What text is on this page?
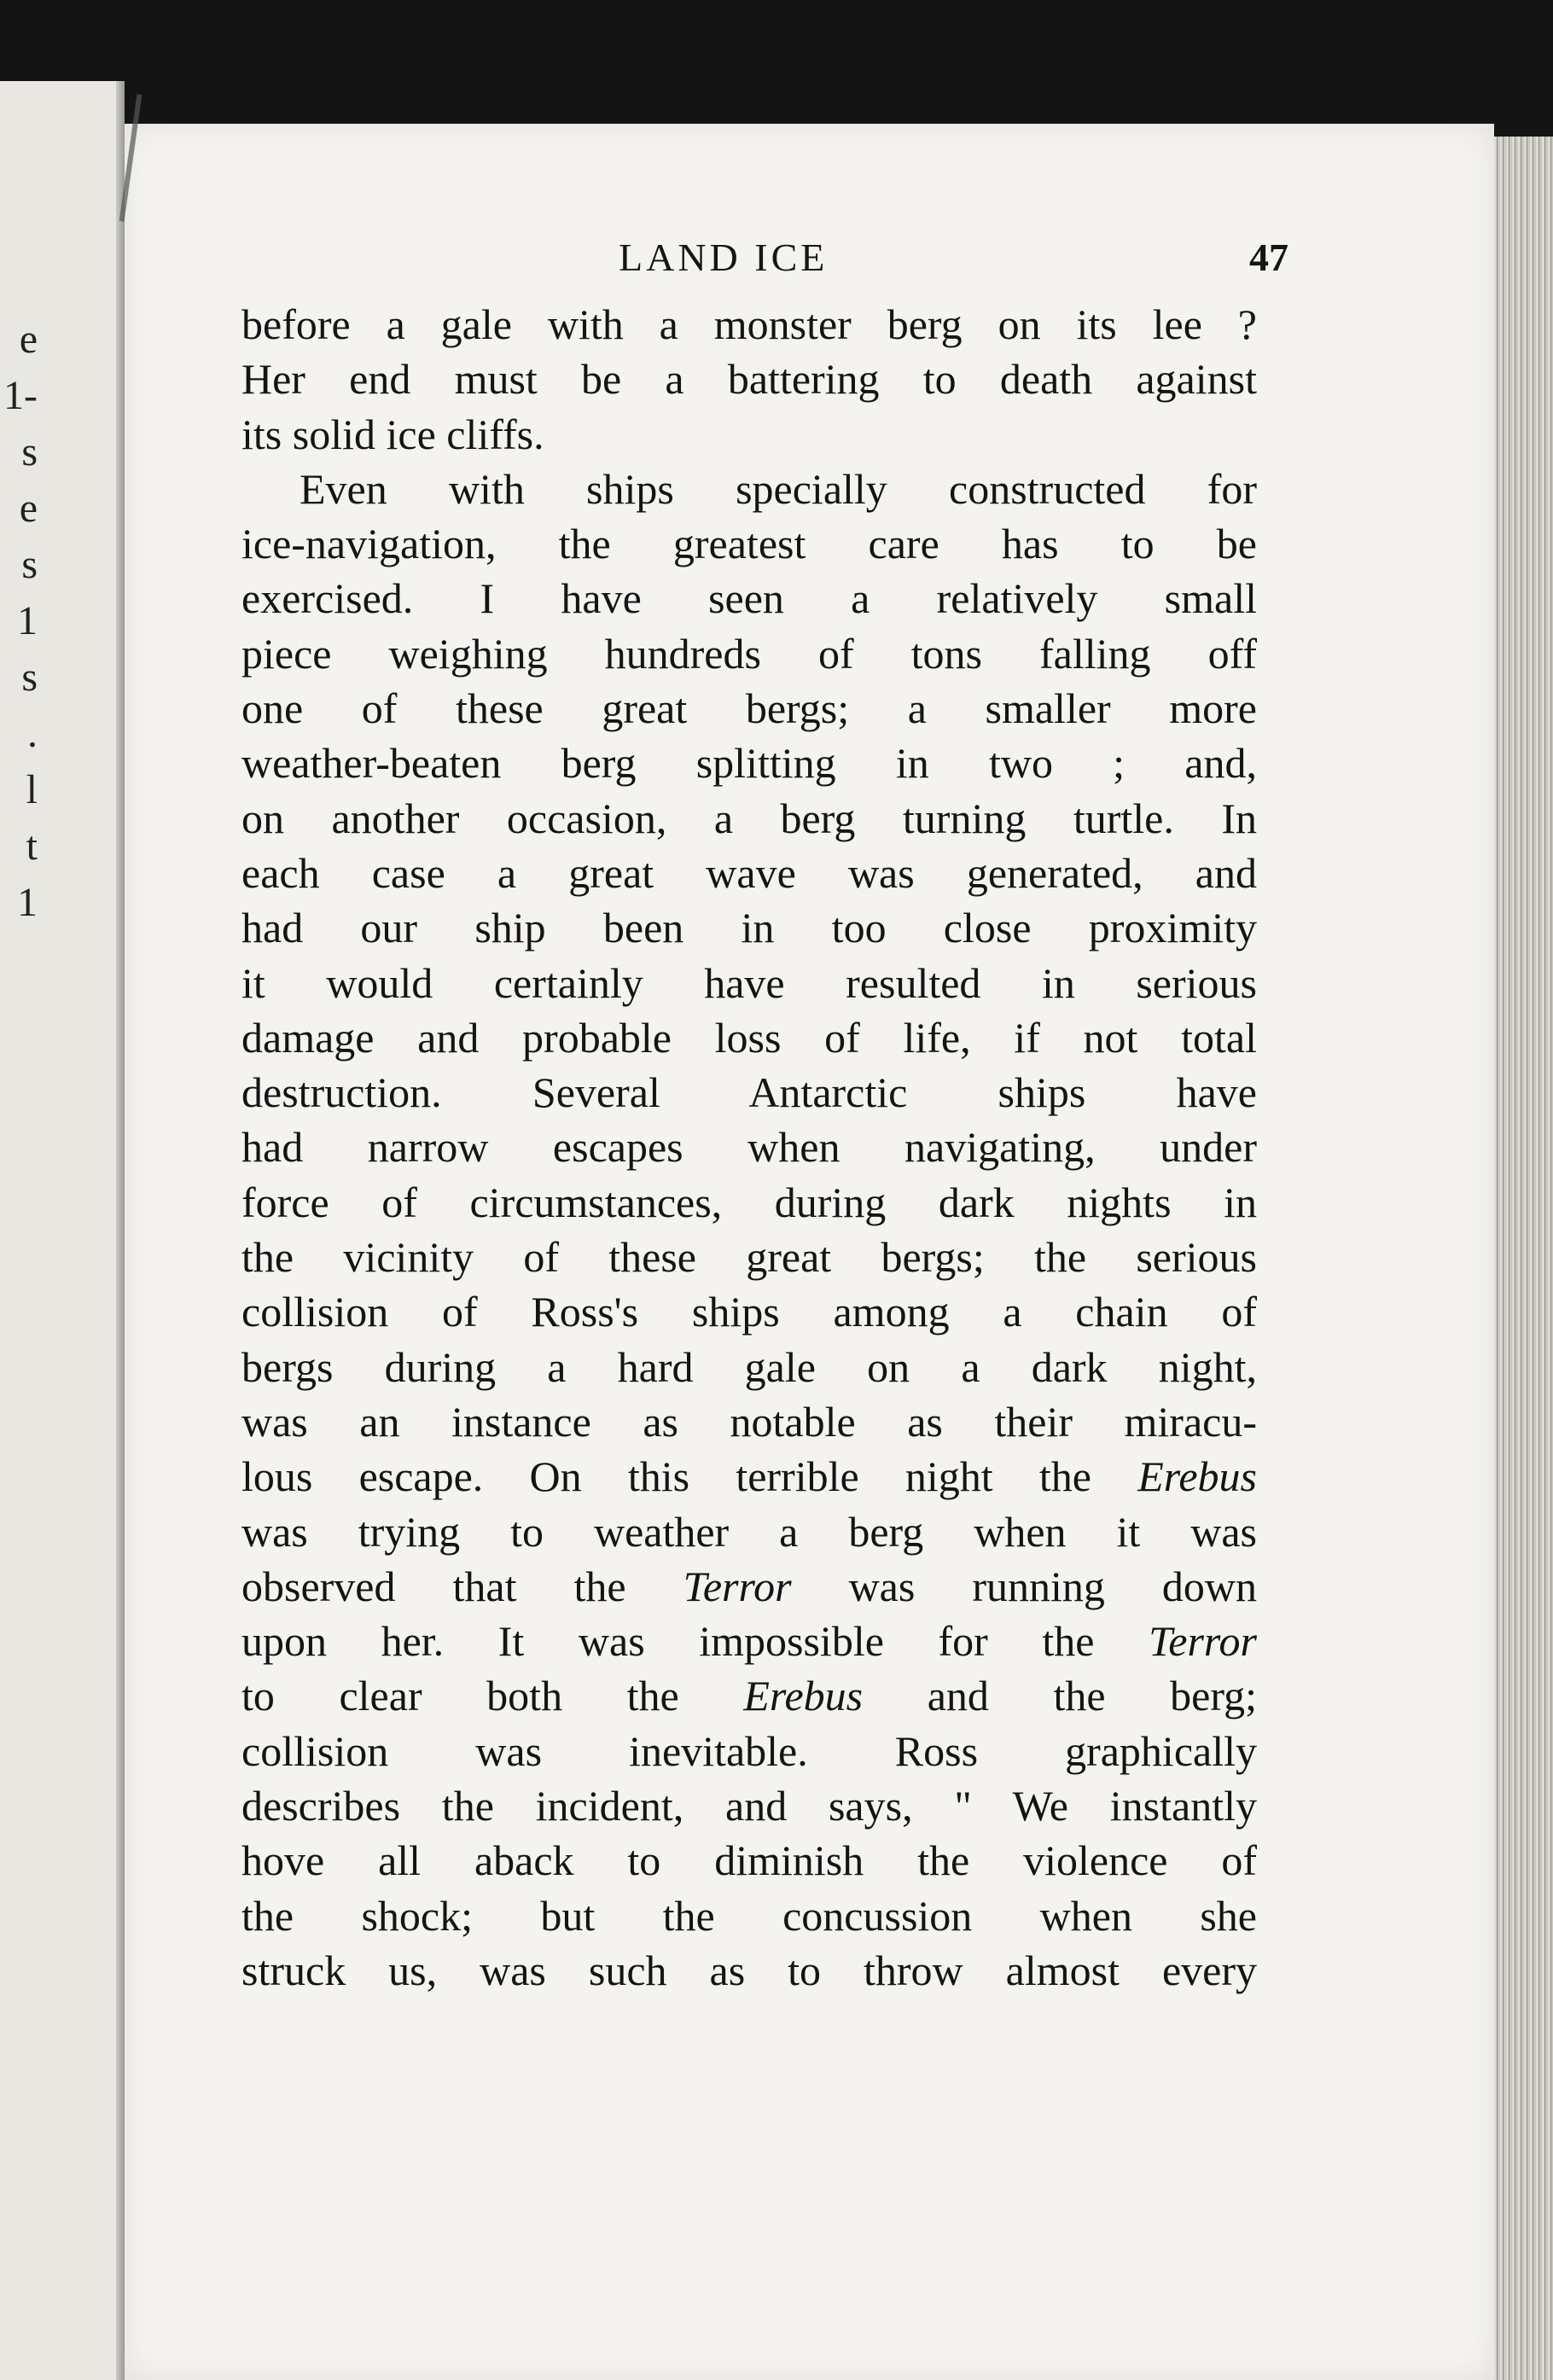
e
1-
s
e
s
1
s
.
l
t
1
LAND ICE	47
before a gale with a monster berg on its lee ?
Her end must be a battering to death against
its solid ice cliffs.
Even with ships specially constructed for
ice-navigation, the greatest care has to be
exercised. I have seen a relatively small
piece weighing hundreds of tons falling off
one of these great bergs; a smaller more
weather-beaten berg splitting in two ; and,
on another occasion, a berg turning turtle. In
each case a great wave was generated, and
had our ship been in too close proximity
it would certainly have resulted in serious
damage and probable loss of life, if not total
destruction. Several Antarctic ships have
had narrow escapes when navigating, under
force of circumstances, during dark nights in
the vicinity of these great bergs; the serious
collision of Ross's ships among a chain of
bergs during a hard gale on a dark night,
was an instance as notable as their miracu-
lous escape. On this terrible night the Erebus
was trying to weather a berg when it was
observed that the Terror was running down
upon her. It was impossible for the Terror
to clear both the Erebus and the berg;
collision was inevitable. Ross graphically
describes the incident, and says, " We instantly
hove all aback to diminish the violence of
the shock; but the concussion when she
struck us, was such as to throw almost every
